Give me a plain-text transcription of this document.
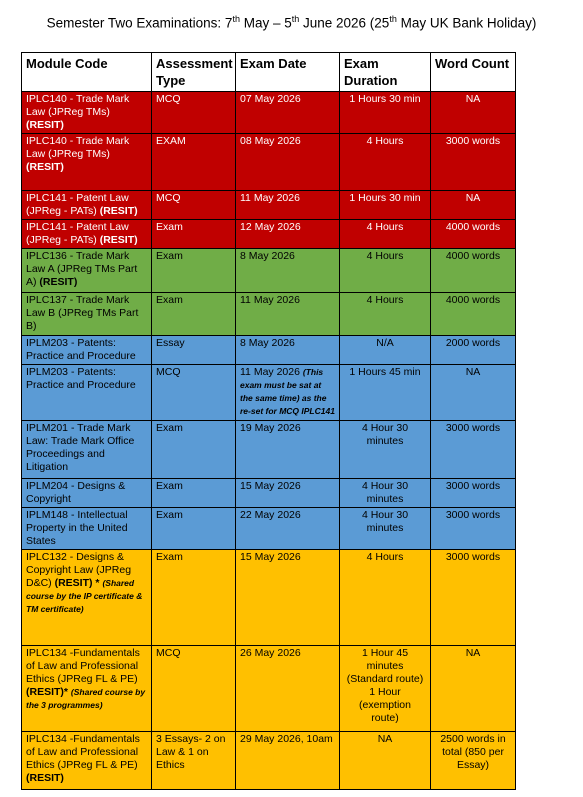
Semester Two Examinations: 7th May – 5th June 2026 (25th May UK Bank Holiday)
Module Code	Assessment Type	Exam Date	Exam Duration	Word Count
IPLC140 - Trade Mark Law (JPReg TMs) (RESIT)	MCQ	07 May 2026	1 Hours 30 min	NA
IPLC140 - Trade Mark Law (JPReg TMs) (RESIT)	EXAM	08 May 2026	4 Hours	3000 words
IPLC141 - Patent Law (JPReg - PATs) (RESIT)	MCQ	11 May 2026	1 Hours 30 min	NA
IPLC141 - Patent Law (JPReg - PATs) (RESIT)	Exam	12 May 2026	4 Hours	4000 words
IPLC136 - Trade Mark Law A (JPReg TMs Part A) (RESIT)	Exam	8 May 2026	4 Hours	4000 words
IPLC137 - Trade Mark Law B (JPReg TMs Part B)	Exam	11 May 2026	4 Hours	4000 words
IPLM203 - Patents: Practice and Procedure	Essay	8 May 2026	N/A	2000 words
IPLM203 - Patents: Practice and Procedure	MCQ	11 May 2026 (This exam must be sat at the same time) as the re-set for MCQ IPLC141	1 Hours 45 min	NA
IPLM201 - Trade Mark Law: Trade Mark Office Proceedings and Litigation	Exam	19 May 2026	4 Hour 30 minutes	3000 words
IPLM204 - Designs & Copyright	Exam	15 May 2026	4 Hour 30 minutes	3000 words
IPLM148 - Intellectual Property in the United States	Exam	22 May 2026	4 Hour 30 minutes	3000 words
IPLC132 - Designs & Copyright Law (JPReg D&C) (RESIT) * (Shared course by the IP certificate & TM certificate)	Exam	15 May 2026	4 Hours	3000 words
IPLC134 -Fundamentals of Law and Professional Ethics (JPReg FL & PE) (RESIT)* (Shared course by the 3 programmes)	MCQ	26 May 2026	1 Hour 45 minutes (Standard route) 1 Hour (exemption route)	NA
IPLC134 -Fundamentals of Law and Professional Ethics (JPReg FL & PE) (RESIT)	3 Essays- 2 on Law & 1 on Ethics	29 May 2026, 10am	NA	2500 words in total (850 per Essay)
